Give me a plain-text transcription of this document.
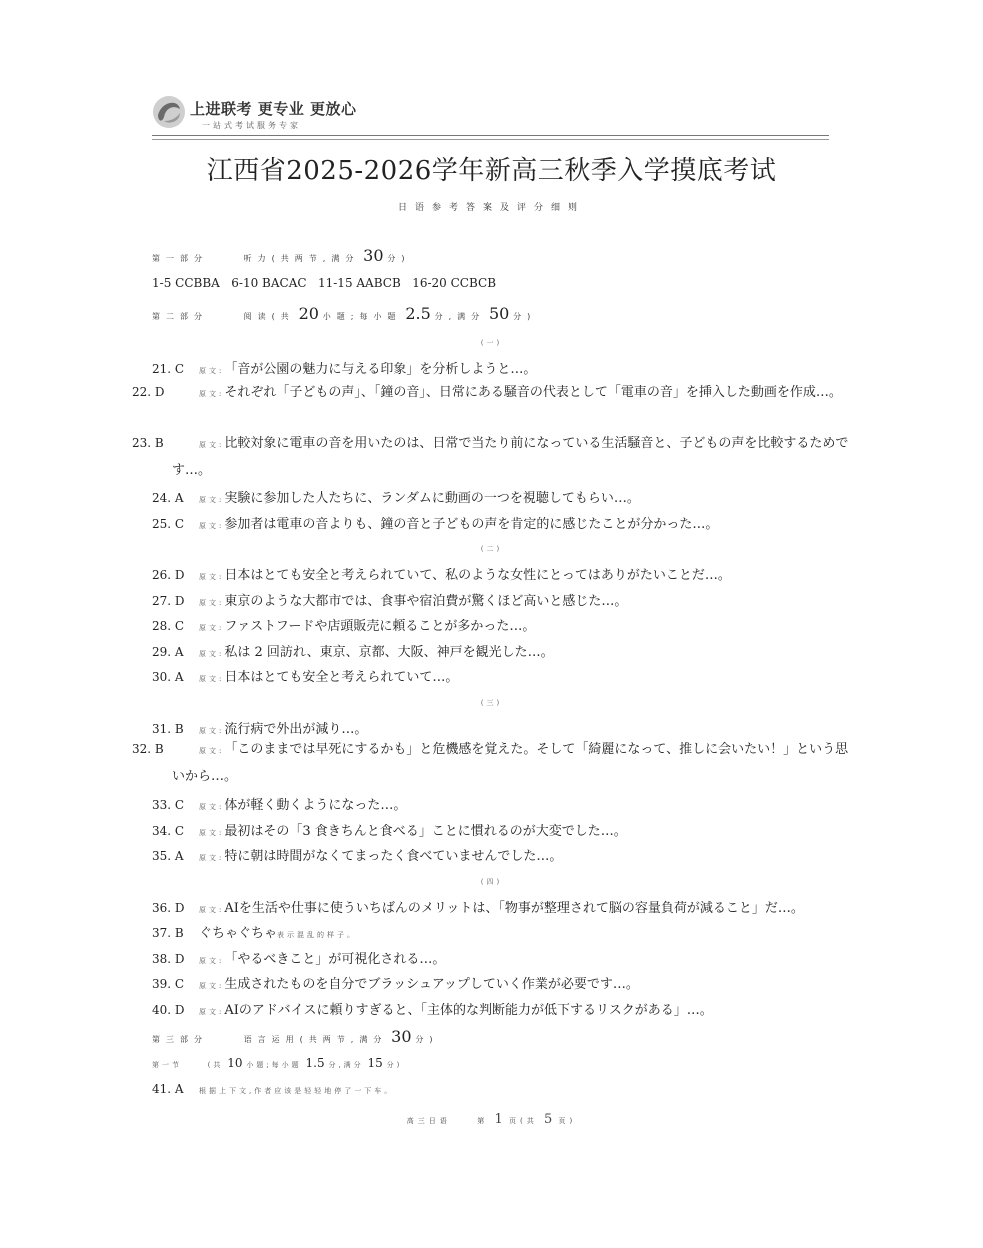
上进联考 更专业 更放心
一站式考试服务专家
江西省2025-2026学年新高三秋季入学摸底考试
日语参考答案及评分细则
第一部分	听力(共两节,满分 30 分)
1-5 CCBBA   6-10 BACAC   11-15 AABCB   16-20 CCBCB
第二部分	阅读(共 20 小题;每小题 2.5 分,满分 50 分)
(一)
21. C 原文:「音が公園の魅力に与える印象」を分析しようと…。
22. D	原文:それぞれ「子どもの声」、「鐘の音」、日常にある騒音の代表として「電車の音」を挿入した動画を作成…。
23. B	原文:比較対象に電車の音を用いたのは、日常で当たり前になっている生活騒音と、子どもの声を比較するためです…。
24. A 原文:実験に参加した人たちに、ランダムに動画の一つを視聴してもらい…。
25. C 原文:参加者は電車の音よりも、鐘の音と子どもの声を肯定的に感じたことが分かった…。
(二)
26. D 原文:日本はとても安全と考えられていて、私のような女性にとってはありがたいことだ…。
27. D 原文:東京のような大都市では、食事や宿泊費が驚くほど高いと感じた…。
28. C 原文:ファストフードや店頭販売に頼ることが多かった…。
29. A 原文:私は 2 回訪れ、東京、京都、大阪、神戸を観光した…。
30. A 原文:日本はとても安全と考えられていて…。
(三)
31. B 原文:流行病で外出が減り…。
32. B	原文:「このままでは早死にするかも」と危機感を覚えた。そして「綺麗になって、推しに会いたい！」という思いから…。
33. C 原文:体が軽く動くようになった…。
34. C 原文:最初はその「3 食きちんと食べる」ことに慣れるのが大変でした…。
35. A 原文:特に朝は時間がなくてまったく食べていませんでした…。
(四)
36. D 原文:AIを生活や仕事に使ういちばんのメリットは、「物事が整理されて脳の容量負荷が減ること」だ…。
37. B ぐちゃぐちゃ表示混乱的样子。
38. D 原文:「やるべきこと」が可視化される…。
39. C 原文:生成されたものを自分でブラッシュアップしていく作業が必要です…。
40. D 原文:AIのアドバイスに頼りすぎると、「主体的な判断能力が低下するリスクがある」…。
第三部分	语言运用(共两节,满分 30 分)
第一节	(共 10 小题;每小题 1.5 分,满分 15 分)
41. A 根据上下文,作者应该是轻轻地停了一下车。
高三日语	第 1 页(共 5 页)
